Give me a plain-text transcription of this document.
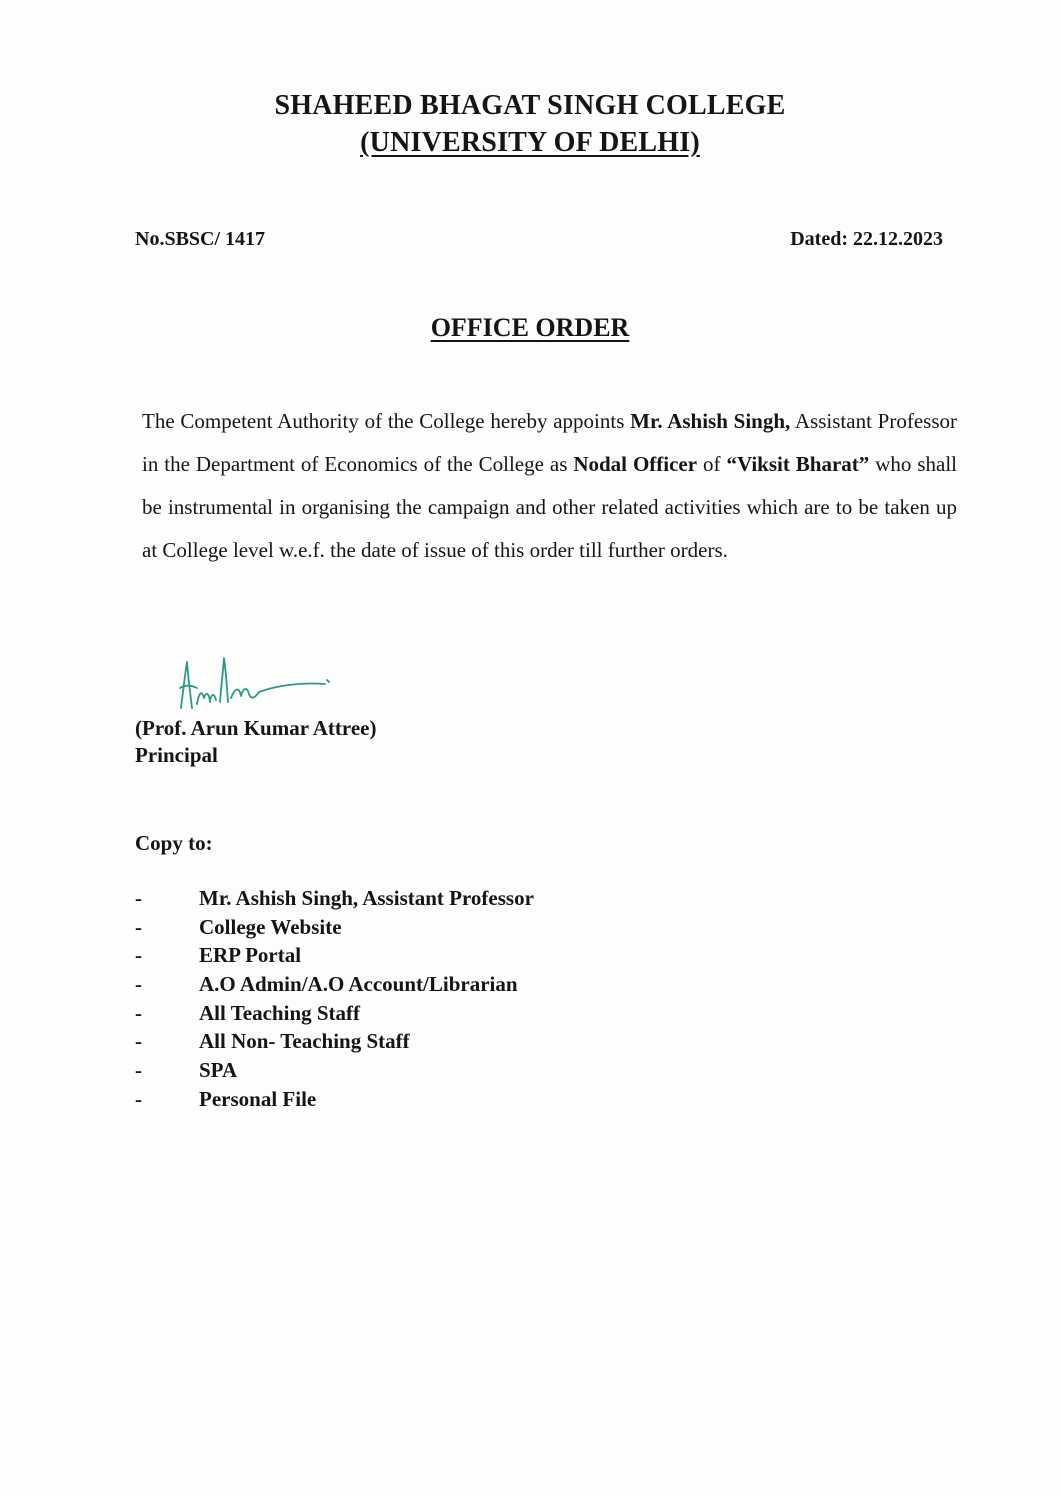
SHAHEED BHAGAT SINGH COLLEGE
(UNIVERSITY OF DELHI)
No.SBSC/ 1417	Dated: 22.12.2023
OFFICE ORDER
The Competent Authority of the College hereby appoints Mr. Ashish Singh, Assistant Professor in the Department of Economics of the College as Nodal Officer of “Viksit Bharat” who shall be instrumental in organising the campaign and other related activities which are to be taken up at College level w.e.f. the date of issue of this order till further orders.
(Prof. Arun Kumar Attree)
Principal
Copy to:
-	Mr. Ashish Singh, Assistant Professor
-	College Website
-	ERP Portal
-	A.O Admin/A.O Account/Librarian
-	All Teaching Staff
-	All Non- Teaching Staff
-	SPA
-	Personal File
